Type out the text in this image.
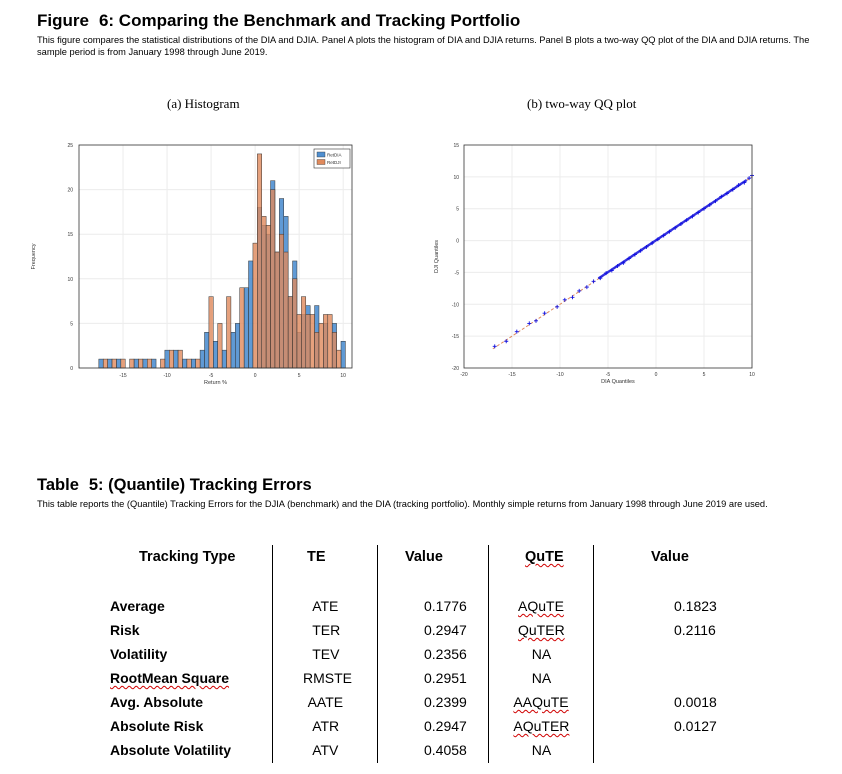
Figure 6: Comparing the Benchmark and Tracking Portfolio
This figure compares the statistical distributions of the DIA and DJIA. Panel A plots the histogram of DIA and DJIA returns. Panel B plots a two-way QQ plot of the DIA and DJIA returns. The sample period is from January 1998 through June 2019.
(a) Histogram	(b) two-way QQ plot
-15	-10	-5	0	5	10
0
5
10
15
20
25
Return %
Frequency
RetDIA
RetDJI
-20	-15	-10	-5	0	5	10
15
10
5
0
-5
-10
-15
-20
DIA Quantiles
DJI Quantiles
Table 5: (Quantile) Tracking Errors
This table reports the (Quantile) Tracking Errors for the DJIA (benchmark) and the DIA (tracking portfolio). Monthly simple returns from January 1998 through June 2019 are used.
Tracking Type	TE	Value	QuTE	Value
Average	ATE	0.1776	AQuTE	0.1823
Risk	TER	0.2947	QuTER	0.2116
Volatility	TEV	0.2356	NA
RootMean Square	RMSTE	0.2951	NA
Avg. Absolute	AATE	0.2399	AAQuTE	0.0018
Absolute Risk	ATR	0.2947	AQuTER	0.0127
Absolute Volatility	ATV	0.4058	NA
